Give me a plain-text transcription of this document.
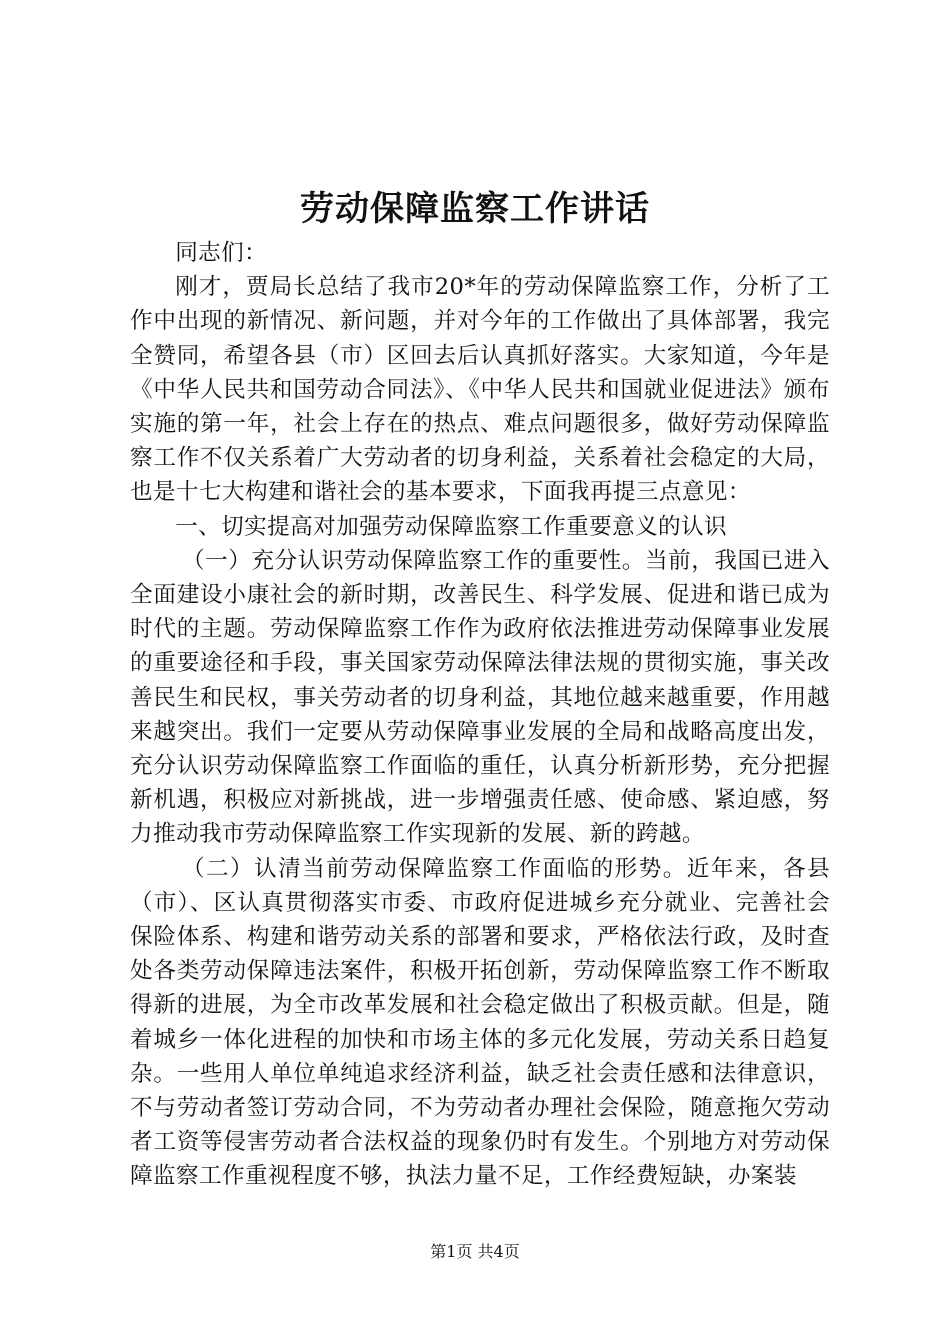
劳动保障监察工作讲话

同志们：

刚才，贾局长总结了我市20*年的劳动保障监察工作，分析了工作中出现的新情况、新问题，并对今年的工作做出了具体部署，我完全赞同，希望各县（市）区回去后认真抓好落实。大家知道，今年是《中华人民共和国劳动合同法》、《中华人民共和国就业促进法》颁布实施的第一年，社会上存在的热点、难点问题很多，做好劳动保障监察工作不仅关系着广大劳动者的切身利益，关系着社会稳定的大局，也是十七大构建和谐社会的基本要求，下面我再提三点意见：

一、切实提高对加强劳动保障监察工作重要意义的认识

（一）充分认识劳动保障监察工作的重要性。当前，我国已进入全面建设小康社会的新时期，改善民生、科学发展、促进和谐已成为时代的主题。劳动保障监察工作作为政府依法推进劳动保障事业发展的重要途径和手段，事关国家劳动保障法律法规的贯彻实施，事关改善民生和民权，事关劳动者的切身利益，其地位越来越重要，作用越来越突出。我们一定要从劳动保障事业发展的全局和战略高度出发，充分认识劳动保障监察工作面临的重任，认真分析新形势，充分把握新机遇，积极应对新挑战，进一步增强责任感、使命感、紧迫感，努力推动我市劳动保障监察工作实现新的发展、新的跨越。

（二）认清当前劳动保障监察工作面临的形势。近年来，各县（市）、区认真贯彻落实市委、市政府促进城乡充分就业、完善社会保险体系、构建和谐劳动关系的部署和要求，严格依法行政，及时查处各类劳动保障违法案件，积极开拓创新，劳动保障监察工作不断取得新的进展，为全市改革发展和社会稳定做出了积极贡献。但是，随着城乡一体化进程的加快和市场主体的多元化发展，劳动关系日趋复杂。一些用人单位单纯追求经济利益，缺乏社会责任感和法律意识，不与劳动者签订劳动合同，不为劳动者办理社会保险，随意拖欠劳动者工资等侵害劳动者合法权益的现象仍时有发生。个别地方对劳动保障监察工作重视程度不够，执法力量不足，工作经费短缺，办案装

第1页 共4页
